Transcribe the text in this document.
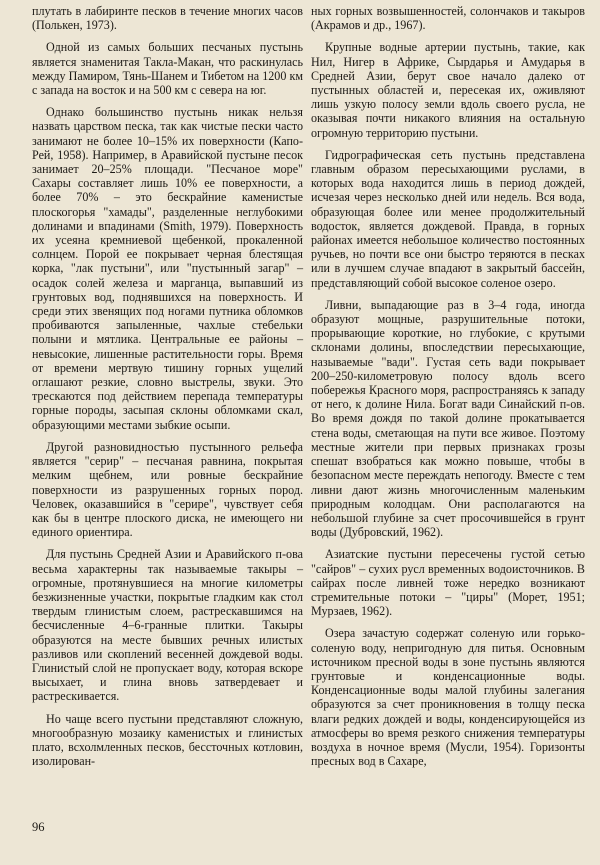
плутать в лабиринте песков в течение многих часов (Полькен, 1973).

Одной из самых больших песчаных пустынь является знаменитая Такла-Макан, что раскинулась между Памиром, Тянь-Шанем и Тибетом на 1200 км с запада на восток и на 500 км с севера на юг.

Однако большинство пустынь никак нельзя назвать царством песка, так как чистые пески часто занимают не более 10–15% их поверхности (Капо-Рей, 1958). Например, в Аравийской пустыне песок занимает 20–25% площади. "Песчаное море" Сахары составляет лишь 10% ее поверхности, а более 70% – это бескрайние каменистые плоскогорья "хамады", разделенные неглубокими долинами и впадинами (Smith, 1979). Поверхность их усеяна кремниевой щебенкой, прокаленной солнцем. Порой ее покрывает черная блестящая корка, "лак пустыни", или "пустынный загар" – осадок солей железа и марганца, выпавший из грунтовых вод, поднявшихся на поверхность. И среди этих звенящих под ногами путника обломков пробиваются запыленные, чахлые стебельки полыни и мятлика. Центральные ее районы – невысокие, лишенные растительности горы. Время от времени мертвую тишину горных ущелий оглашают резкие, словно выстрелы, звуки. Это трескаются под действием перепада температуры горные породы, засыпая склоны обломками скал, образующими местами зыбкие осыпи.

Другой разновидностью пустынного рельефа является "серир" – песчаная равнина, покрытая мелким щебнем, или ровные бескрайние поверхности из разрушенных горных пород. Человек, оказавшийся в "серире", чувствует себя как бы в центре плоского диска, не имеющего ни единого ориентира.

Для пустынь Средней Азии и Аравийского п-ова весьма характерны так называемые такыры – огромные, протянувшиеся на многие километры безжизненные участки, покрытые гладким как стол твердым глинистым слоем, растрескавшимся на бесчисленные 4–6-гранные плитки. Такыры образуются на месте бывших речных илистых разливов или скоплений весенней дождевой воды. Глинистый слой не пропускает воду, которая вскоре высыхает, и глина вновь затвердевает и растрескивается.

Но чаще всего пустыни представляют сложную, многообразную мозаику каменистых и глинистых плато, всхолмленных песков, бессточных котловин, изолирован-

ных горных возвышенностей, солончаков и такыров (Акрамов и др., 1967).

Крупные водные артерии пустынь, такие, как Нил, Нигер в Африке, Сырдарья и Амударья в Средней Азии, берут свое начало далеко от пустынных областей и, пересекая их, оживляют лишь узкую полосу земли вдоль своего русла, не оказывая почти никакого влияния на остальную огромную территорию пустыни.

Гидрографическая сеть пустынь представлена главным образом пересыхающими руслами, в которых вода находится лишь в период дождей, исчезая через несколько дней или недель. Вся вода, образующая более или менее продолжительный водосток, является дождевой. Правда, в горных районах имеется небольшое количество постоянных ручьев, но почти все они быстро теряются в песках или в лучшем случае впадают в закрытый бассейн, представляющий собой высокое соленое озеро.

Ливни, выпадающие раз в 3–4 года, иногда образуют мощные, разрушительные потоки, прорывающие короткие, но глубокие, с крутыми склонами долины, впоследствии пересыхающие, называемые "вади". Густая сеть вади покрывает 200–250-километровую полосу вдоль всего побережья Красного моря, распространяясь к западу от него, к долине Нила. Богат вади Синайский п-ов. Во время дождя по такой долине прокатывается стена воды, сметающая на пути все живое. Поэтому местные жители при первых признаках грозы спешат взобраться как можно повыше, чтобы в безопасном месте переждать непогоду. Вместе с тем ливни дают жизнь многочисленным маленьким природным колодцам. Они располагаются на небольшой глубине за счет просочившейся в грунт воды (Дубровский, 1962).

Азиатские пустыни пересечены густой сетью "сайров" – сухих русл временных водоисточников. В сайрах после ливней тоже нередко возникают стремительные потоки – "циры" (Морет, 1951; Мурзаев, 1962).

Озера зачастую содержат соленую или горько-соленую воду, непригодную для питья. Основным источником пресной воды в зоне пустынь являются грунтовые и конденсационные воды. Конденсационные воды малой глубины залегания образуются за счет проникновения в толщу песка влаги редких дождей и воды, конденсирующейся из атмосферы во время резкого снижения температуры воздуха в ночное время (Мусли, 1954). Горизонты пресных вод в Сахаре,

96
